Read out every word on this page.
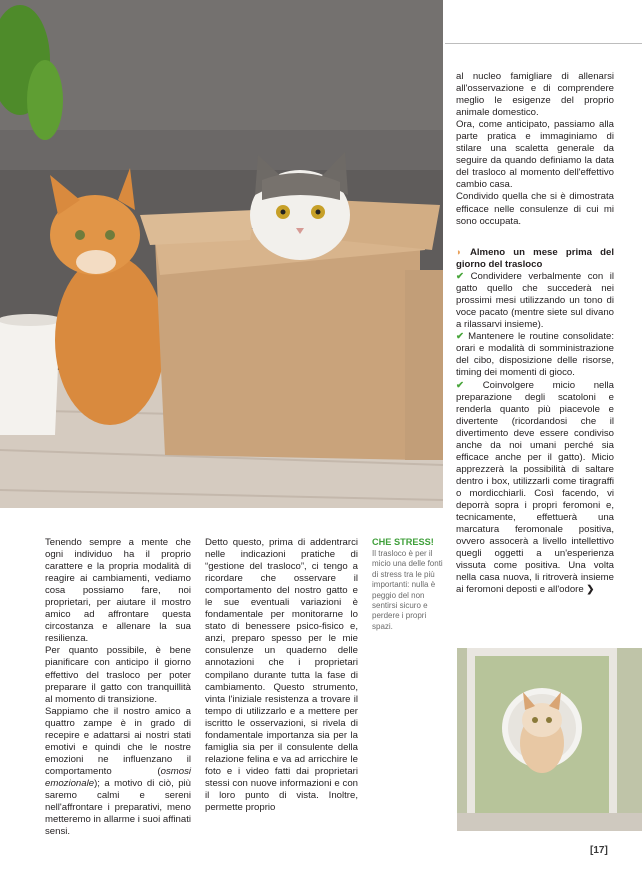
al nucleo famigliare di allenarsi all'osservazione e di comprendere meglio le esigenze del proprio animale domestico.

Ora, come anticipato, passiamo alla parte pratica e immaginiamo di stilare una scaletta generale da seguire da quando definiamo la data del trasloco al momento dell'effettivo cambio casa.

Condivido quella che si è dimostrata efficace nelle consulenze di cui mi sono occupata.

◗ Almeno un mese prima del giorno del trasloco

✔ Condividere verbalmente con il gatto quello che succederà nei prossimi mesi utilizzando un tono di voce pacato (mentre siete sul divano a rilassarvi insieme).

✔ Mantenere le routine consolidate: orari e modalità di somministrazione del cibo, disposizione delle risorse, timing dei momenti di gioco.

✔ Coinvolgere micio nella preparazione degli scatoloni e renderla quanto più piacevole e divertente (ricordandosi che il divertimento deve essere condiviso anche da noi umani perché sia efficace anche per il gatto). Micio apprezzerà la possibilità di saltare dentro i box, utilizzarli come tiragraffi o mordicchiarli. Così facendo, vi deporrà sopra i propri feromoni e, tecnicamente, effettuerà una marcatura feromonale positiva, ovvero assocerà a livello intellettivo quegli oggetti a un'esperienza vissuta come positiva. Una volta nella casa nuova, li ritroverà insieme ai feromoni deposti e all'odore ❯

Tenendo sempre a mente che ogni individuo ha il proprio carattere e la propria modalità di reagire ai cambiamenti, vediamo cosa possiamo fare, noi proprietari, per aiutare il mostro amico ad affrontare questa circostanza e allenare la sua resilienza.

Per quanto possibile, è bene pianificare con anticipo il giorno effettivo del trasloco per poter preparare il gatto con tranquillità al momento di transizione.

Sappiamo che il nostro amico a quattro zampe è in grado di recepire e adattarsi ai nostri stati emotivi e quindi che le nostre emozioni ne influenzano il comportamento (osmosi emozionale); a motivo di ciò, più saremo calmi e sereni nell'affrontare i preparativi, meno metteremo in allarme i suoi affinati sensi.

Detto questo, prima di addentrarci nelle indicazioni pratiche di “gestione del trasloco”, ci tengo a ricordare che osservare il comportamento del nostro gatto e le sue eventuali variazioni è fondamentale per monitorarne lo stato di benessere psico-fisico e, anzi, preparo spesso per le mie consulenze un quaderno delle annotazioni che i proprietari compilano durante tutta la fase di cambiamento. Questo strumento, vinta l'iniziale resistenza a trovare il tempo di utilizzarlo e a mettere per iscritto le osservazioni, si rivela di fondamentale importanza sia per la famiglia sia per il consulente della relazione felina e va ad arricchire le foto e i video fatti dai proprietari stessi con nuove informazioni e con il loro punto di vista. Inoltre, permette proprio

CHE STRESS!
Il trasloco è per il micio una delle fonti di stress tra le più importanti: nulla è peggio del non sentirsi sicuro e perdere i propri spazi.
[17]
